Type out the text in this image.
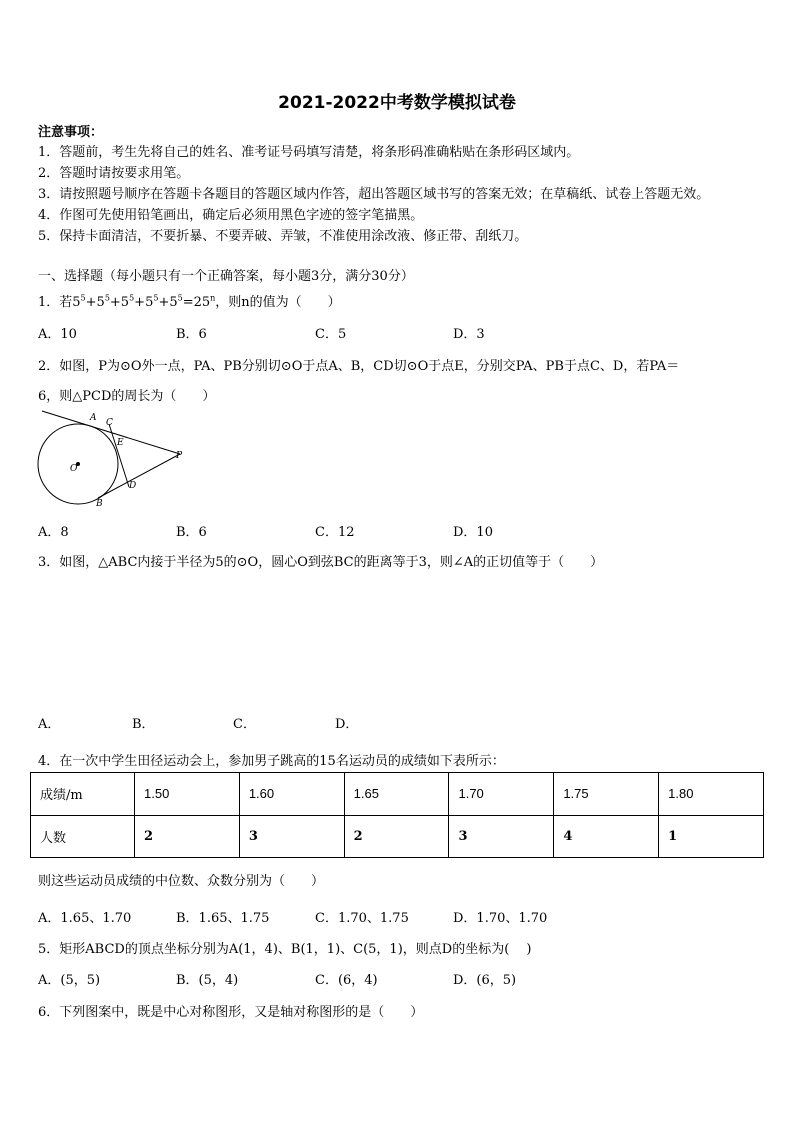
2021-2022中考数学模拟试卷
注意事项：
1．答题前，考生先将自己的姓名、准考证号码填写清楚，将条形码准确粘贴在条形码区域内。
2．答题时请按要求用笔。
3．请按照题号顺序在答题卡各题目的答题区域内作答，超出答题区域书写的答案无效；在草稿纸、试卷上答题无效。
4．作图可先使用铅笔画出，确定后必须用黑色字迹的签字笔描黑。
5．保持卡面清洁，不要折暴、不要弄破、弄皱，不准使用涂改液、修正带、刮纸刀。
一、选择题（每小题只有一个正确答案，每小题3分，满分30分）
1．若$5^5+5^5+5^5+5^5+5^5=25^n$，则n的值为（　　）
A．10	B．6	C．5	D．3
2．如图，P为⊙O外一点，PA、PB分别切⊙O于点A、B，CD切⊙O于点E，分别交PA、PB于点C、D，若PA＝
6，则△PCD的周长为（　　）
A C
E
O
P
D
B
A．8	B．6	C．12	D．10
3．如图，△ABC内接于半径为5的⊙O，圆心O到弦BC的距离等于3，则∠A的正切值等于（　　）
A．	B．	C．	D．
4．在一次中学生田径运动会上，参加男子跳高的15名运动员的成绩如下表所示：
成绩/m	1.50	1.60	1.65	1.70	1.75	1.80
人数	2	3	2	3	4	1
则这些运动员成绩的中位数、众数分别为（　　）
A．1.65、1.70	B．1.65、1.75	C．1.70、1.75	D．1.70、1.70
5．矩形ABCD的顶点坐标分别为A(1，4)、B(1，1)、C(5，1)，则点D的坐标为(　 )
A．(5，5)	B．(5，4)	C．(6，4)	D．(6，5)
6．下列图案中，既是中心对称图形，又是轴对称图形的是（　　）
